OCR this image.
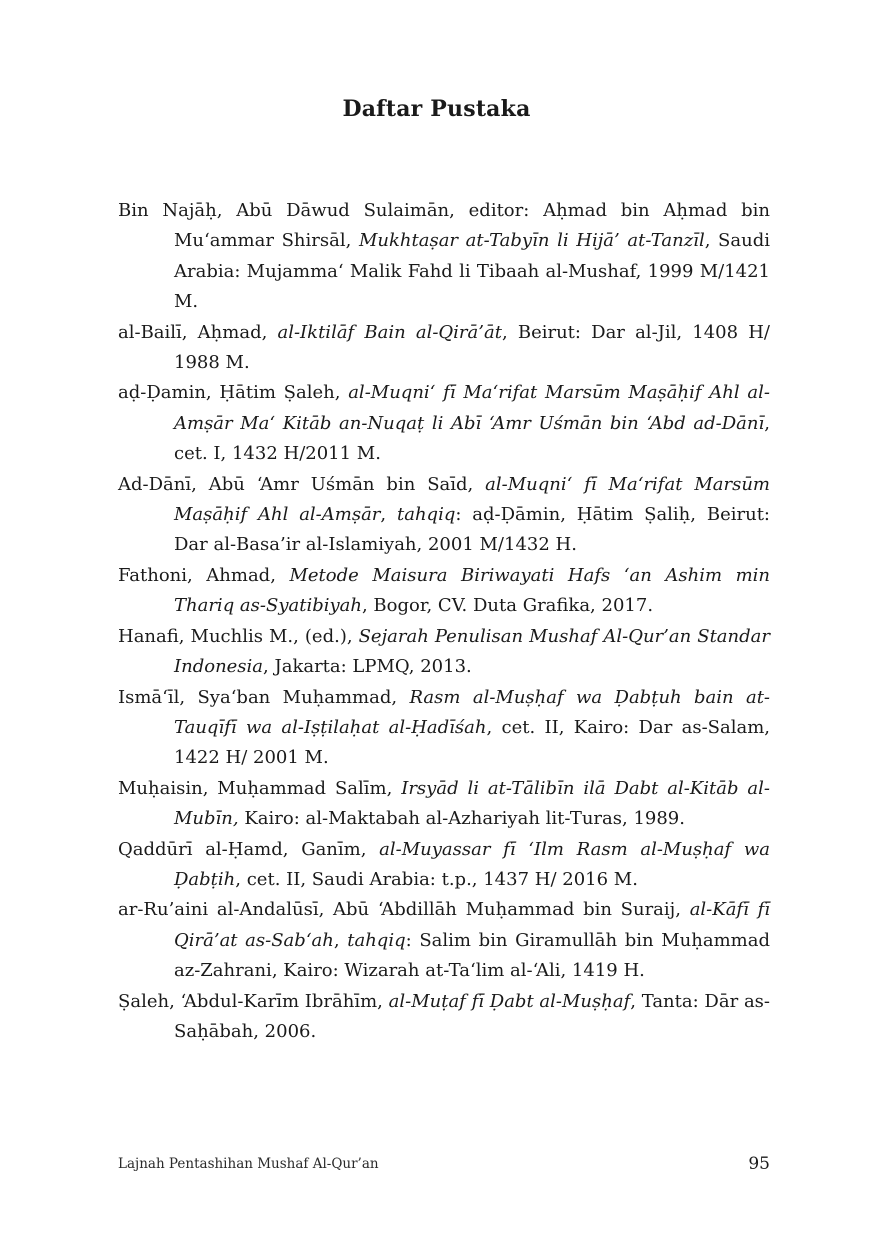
Daftar Pustaka
Bin Najāḥ, Abū Dāwud Sulaimān, editor: Aḥmad bin Aḥmad bin Mu‘ammar Shirsāl, Mukhtaṣar at-Tabyīn li Hijā’ at-Tanzīl, Saudi Arabia: Mujamma‘ Malik Fahd li Tibaah al-Mushaf, 1999 M/1421 M.
al-Bailī, Aḥmad, al-Iktilāf Bain al-Qirā’āt, Beirut: Dar al-Jil, 1408 H/ 1988 M.
aḍ-Ḍamin, Ḥātim Ṣaleh, al-Muqni‘ fī Ma‘rifat Marsūm Maṣāḥif Ahl al-Amṣār Ma‘ Kitāb an-Nuqaṭ li Abī ‘Amr Uśmān bin ‘Abd ad-Dānī, cet. I, 1432 H/2011 M.
Ad-Dānī, Abū ‘Amr Uśmān bin Saīd, al-Muqni‘ fī Ma‘rifat Marsūm Maṣāḥif Ahl al-Amṣār, tahqiq: aḍ-Ḍāmin, Ḥātim Ṣaliḥ, Beirut: Dar al-Basa’ir al-Islamiyah, 2001 M/1432 H.
Fathoni, Ahmad, Metode Maisura Biriwayati Hafs ‘an Ashim min Thariq as-Syatibiyah, Bogor, CV. Duta Grafika, 2017.
Hanafi, Muchlis M., (ed.), Sejarah Penulisan Mushaf Al-Qur’an Standar Indonesia, Jakarta: LPMQ, 2013.
Ismā‘īl, Sya‘ban Muḥammad, Rasm al-Muṣḥaf wa Ḍabṭuh bain at-Tauqīfī wa al-Iṣṭilaḥat al-Ḥadīśah, cet. II, Kairo: Dar as-Salam, 1422 H/ 2001 M.
Muḥaisin, Muḥammad Salīm, Irsyād li at-Tālibīn ilā Dabt al-Kitāb al-Mubīn, Kairo: al-Maktabah al-Azhariyah lit-Turas, 1989.
Qaddūrī al-Ḥamd, Ganīm, al-Muyassar fī ‘Ilm Rasm al-Muṣḥaf wa Ḍabṭih, cet. II, Saudi Arabia: t.p., 1437 H/ 2016 M.
ar-Ru’aini al-Andalūsī, Abū ‘Abdillāh Muḥammad bin Suraij, al-Kāfī fī Qirā’at as-Sab‘ah, tahqiq: Salim bin Giramullāh bin Muḥammad az-Zahrani, Kairo: Wizarah at-Ta‘lim al-‘Ali, 1419 H.
Ṣaleh, ‘Abdul-Karīm Ibrāhīm, al-Muṭaf fī Ḍabt al-Muṣḥaf, Tanta: Dār as-Saḥābah, 2006.
Lajnah Pentashihan Mushaf Al-Qur’an	95
